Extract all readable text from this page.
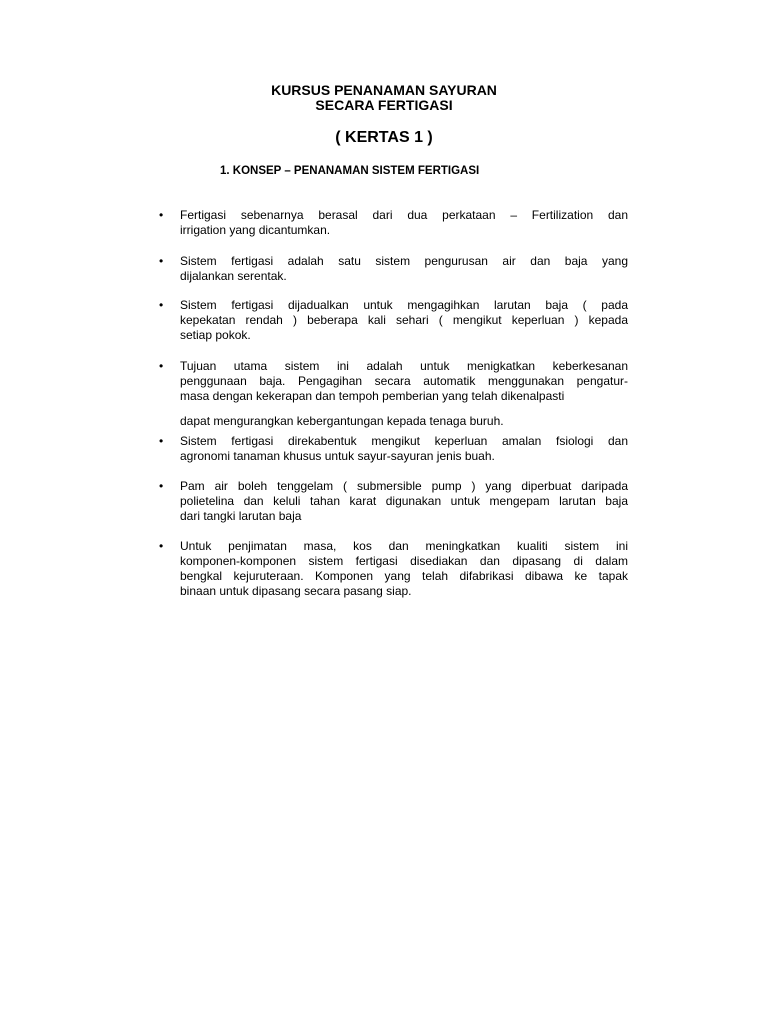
KURSUS PENANAMAN SAYURAN
SECARA FERTIGASI
( KERTAS 1 )
1. KONSEP – PENANAMAN SISTEM FERTIGASI
•	Fertigasi sebenarnya berasal dari dua perkataan – Fertilization dan
irrigation yang dicantumkan.
•	Sistem fertigasi adalah satu sistem pengurusan air dan baja yang
dijalankan serentak.
•	Sistem fertigasi dijadualkan untuk mengagihkan larutan baja ( pada
kepekatan rendah ) beberapa kali sehari ( mengikut keperluan ) kepada
setiap pokok.
•	Tujuan utama sistem ini adalah untuk menigkatkan keberkesanan
penggunaan baja. Pengagihan secara automatik menggunakan pengatur-
masa dengan kekerapan dan tempoh pemberian yang telah dikenalpasti
•	Sistem fertigasi direkabentuk mengikut keperluan amalan fsiologi dan
agronomi tanaman khusus untuk sayur-sayuran jenis buah.
•	Pam air boleh tenggelam ( submersible pump ) yang diperbuat daripada
polietelina dan keluli tahan karat digunakan untuk mengepam larutan baja
dari tangki larutan baja
•	Untuk penjimatan masa, kos dan meningkatkan kualiti sistem ini
komponen-komponen sistem fertigasi disediakan dan dipasang di dalam
bengkal kejuruteraan. Komponen yang telah difabrikasi dibawa ke tapak
binaan untuk dipasang secara pasang siap.
dapat mengurangkan kebergantungan kepada tenaga buruh.
